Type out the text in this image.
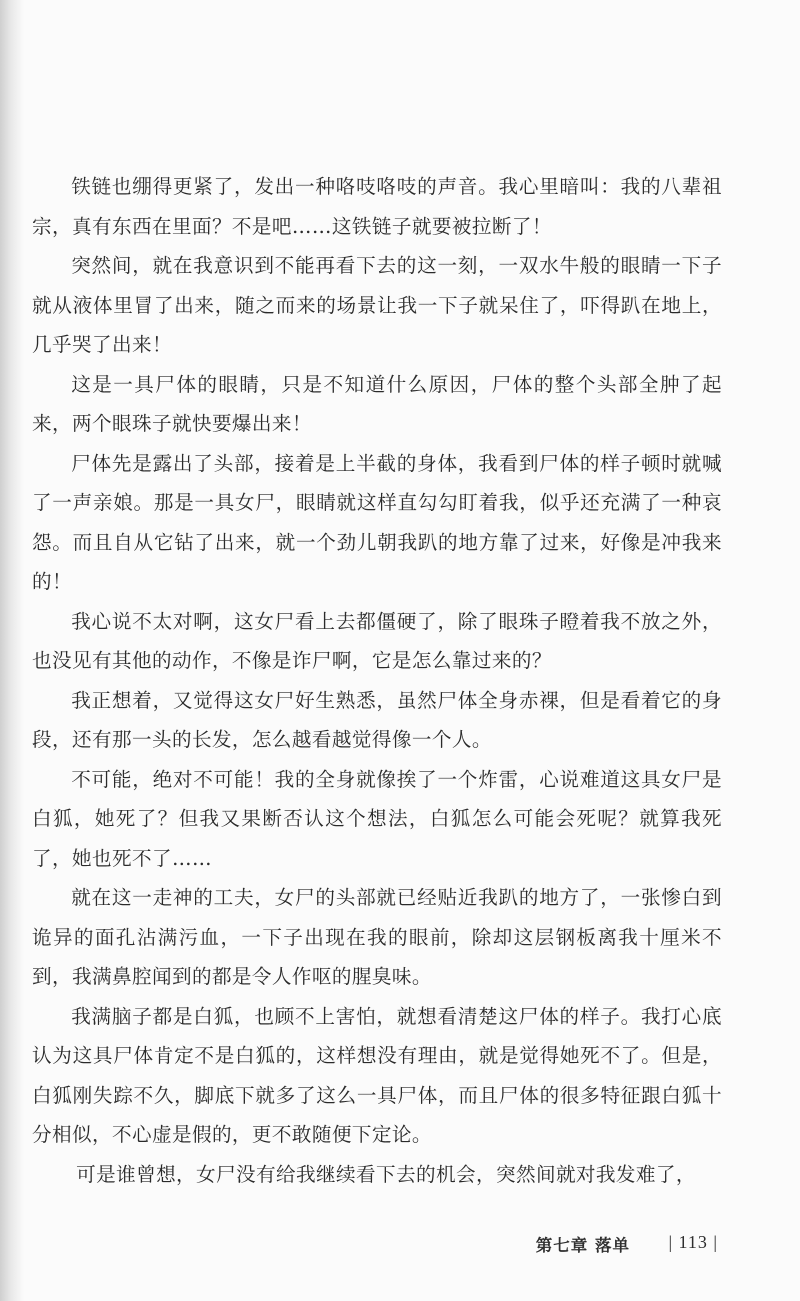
铁链也绷得更紧了，发出一种咯吱咯吱的声音。我心里暗叫：我的八辈祖宗，真有东西在里面？不是吧……这铁链子就要被拉断了！

突然间，就在我意识到不能再看下去的这一刻，一双水牛般的眼睛一下子就从液体里冒了出来，随之而来的场景让我一下子就呆住了，吓得趴在地上，几乎哭了出来！

这是一具尸体的眼睛，只是不知道什么原因，尸体的整个头部全肿了起来，两个眼珠子就快要爆出来！

尸体先是露出了头部，接着是上半截的身体，我看到尸体的样子顿时就喊了一声亲娘。那是一具女尸，眼睛就这样直勾勾盯着我，似乎还充满了一种哀怨。而且自从它钻了出来，就一个劲儿朝我趴的地方靠了过来，好像是冲我来的！

我心说不太对啊，这女尸看上去都僵硬了，除了眼珠子瞪着我不放之外，也没见有其他的动作，不像是诈尸啊，它是怎么靠过来的？

我正想着，又觉得这女尸好生熟悉，虽然尸体全身赤裸，但是看着它的身段，还有那一头的长发，怎么越看越觉得像一个人。

不可能，绝对不可能！我的全身就像挨了一个炸雷，心说难道这具女尸是白狐，她死了？但我又果断否认这个想法，白狐怎么可能会死呢？就算我死了，她也死不了……

就在这一走神的工夫，女尸的头部就已经贴近我趴的地方了，一张惨白到诡异的面孔沾满污血，一下子出现在我的眼前，除却这层钢板离我十厘米不到，我满鼻腔闻到的都是令人作呕的腥臭味。

我满脑子都是白狐，也顾不上害怕，就想看清楚这尸体的样子。我打心底认为这具尸体肯定不是白狐的，这样想没有理由，就是觉得她死不了。但是，白狐刚失踪不久，脚底下就多了这么一具尸体，而且尸体的很多特征跟白狐十分相似，不心虚是假的，更不敢随便下定论。

可是谁曾想，女尸没有给我继续看下去的机会，突然间就对我发难了，

第七章 落单 | 113 |
